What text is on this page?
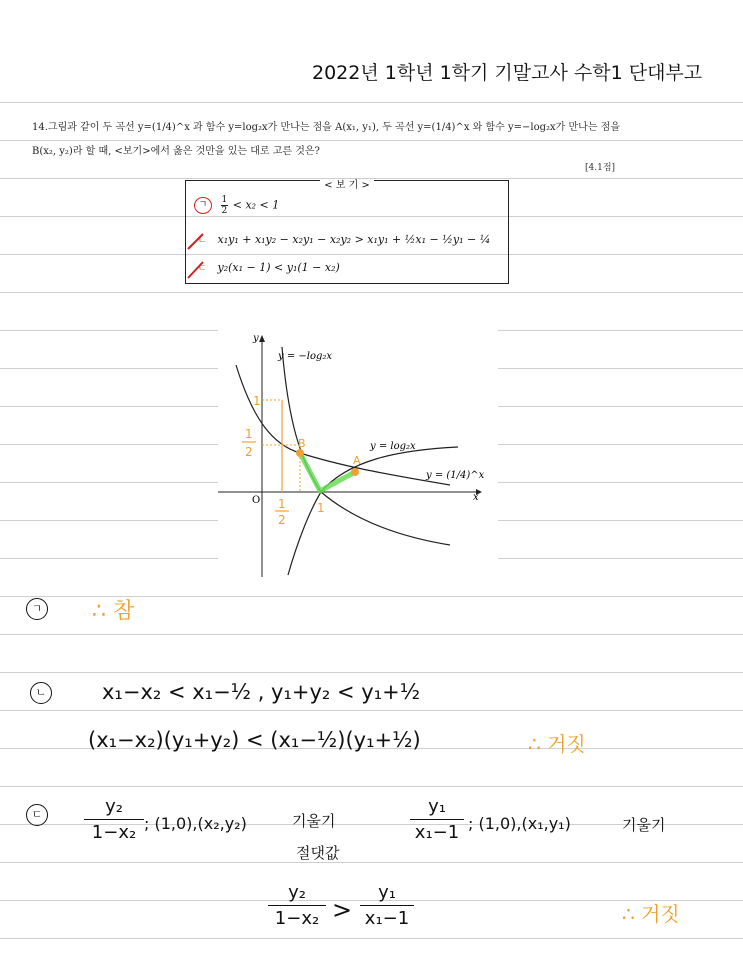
2022년 1학년 1학기 기말고사 수학1 단대부고
14.그림과 같이 두 곡선 y=(1/4)^x 과 함수 y=log₂x가 만나는 점을 A(x₁, y₁), 두 곡선 y=(1/4)^x 와 함수 y=−log₂x가 만나는 점을
B(x₂, y₂)라 할 때, <보기>에서 옳은 것만을 있는 대로 고른 것은?
[4.1점]
< 보 기 >
ㄱ $\frac{1}{2} < x_2 < 1$
ㄴ x₁y₁ + x₁y₂ − x₂y₁ − x₂y₂ > x₁y₁ + ½x₁ − ½y₁ − ¼
ㄷ y₂(x₁ − 1) < y₁(1 − x₂)
x
y
O
B
A
1
1
2
1
2
1
y = −log₂x
y = log₂x
y = (1/4)^x
ㄱ ∴ 참
ㄴ	x₁−x₂ < x₁−½ , y₁+y₂ < y₁+½
(x₁−x₂)(y₁+y₂) < (x₁−½)(y₁+½)	∴ 거짓
ㄷ	$\frac{\text{y₂}}{\text{1−x₂}}$ ; (1,0),(x₂,y₂)	기울기
절댓값
$\frac{\text{y₁}}{\text{x₁−1}}$ ; (1,0),(x₁,y₁)	기울기
$\frac{\text{y₂}}{\text{1−x₂}} > \frac{\text{y₁}}{\text{x₁−1}}$	∴ 거짓
